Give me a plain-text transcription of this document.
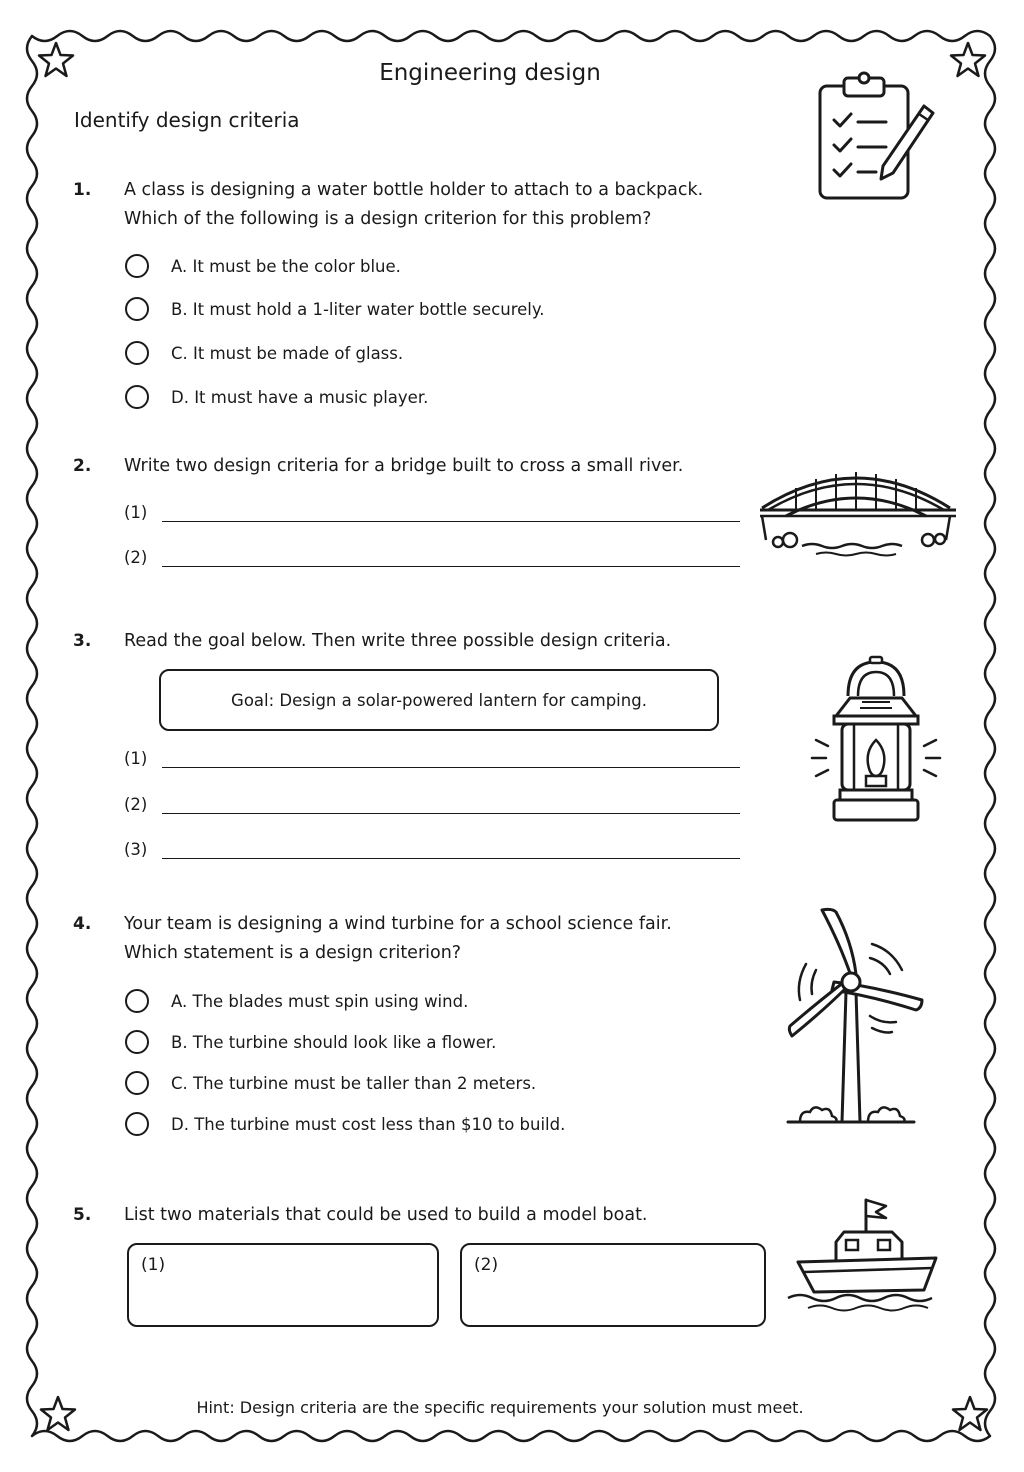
Engineering design
Identify design criteria
1. A class is designing a water bottle holder to attach to a backpack.
Which of the following is a design criterion for this problem?
A. It must be the color blue.
B. It must hold a 1-liter water bottle securely.
C. It must be made of glass.
D. It must have a music player.
2. Write two design criteria for a bridge built to cross a small river.
(1)
(2)
3. Read the goal below. Then write three possible design criteria.
Goal: Design a solar-powered lantern for camping.
(1)
(2)
(3)
4. Your team is designing a wind turbine for a school science fair.
Which statement is a design criterion?
A. The blades must spin using wind.
B. The turbine should look like a flower.
C. The turbine must be taller than 2 meters.
D. The turbine must cost less than $10 to build.
5. List two materials that could be used to build a model boat.
(1)	(2)
Hint: Design criteria are the specific requirements your solution must meet.
